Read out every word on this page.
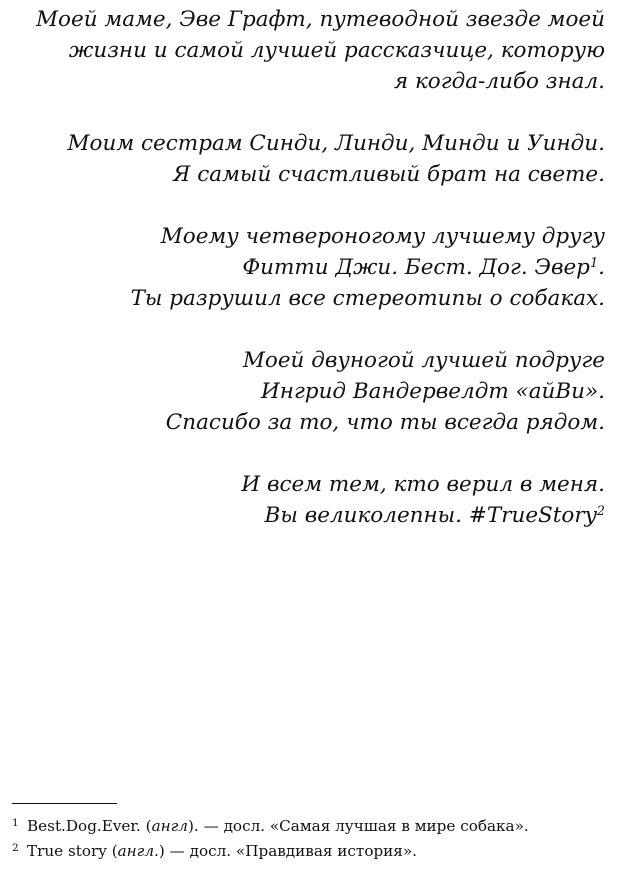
Моей маме, Эве Графт, путеводной звезде моей
жизни и самой лучшей рассказчице, которую
я когда-либо знал.
Моим сестрам Синди, Линди, Минди и Уинди.
Я самый счастливый брат на свете.
Моему четвероногому лучшему другу
Фитти Джи. Бест. Дог. Эвер$^1$.
Ты разрушил все стереотипы о собаках.
Моей двуногой лучшей подруге
Ингрид Вандервелдт «айВи».
Спасибо за то, что ты всегда рядом.
И всем тем, кто верил в меня.
Вы великолепны. #TrueStory$^2$
1 Best.Dog.Ever. (англ). — досл. «Самая лучшая в мире собака».
2 True story (англ.) — досл. «Правдивая история».
